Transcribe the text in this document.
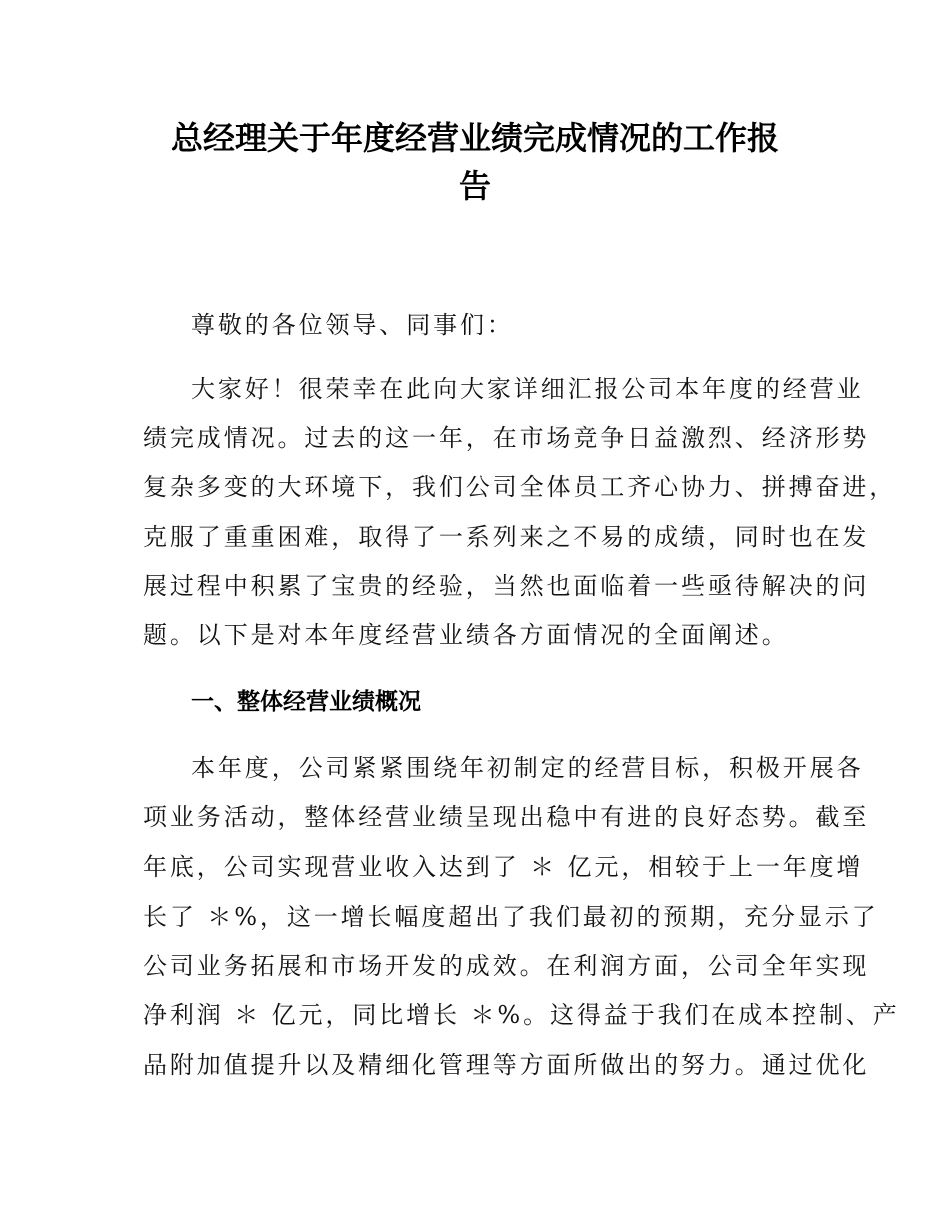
总经理关于年度经营业绩完成情况的工作报
告
尊敬的各位领导、同事们：
大家好！很荣幸在此向大家详细汇报公司本年度的经营业
绩完成情况。过去的这一年，在市场竞争日益激烈、经济形势
复杂多变的大环境下，我们公司全体员工齐心协力、拼搏奋进，
克服了重重困难，取得了一系列来之不易的成绩，同时也在发
展过程中积累了宝贵的经验，当然也面临着一些亟待解决的问
题。以下是对本年度经营业绩各方面情况的全面阐述。
一、整体经营业绩概况
本年度，公司紧紧围绕年初制定的经营目标，积极开展各
项业务活动，整体经营业绩呈现出稳中有进的良好态势。截至
年底，公司实现营业收入达到了 ＊ 亿元，相较于上一年度增
长了 ＊%，这一增长幅度超出了我们最初的预期，充分显示了
公司业务拓展和市场开发的成效。在利润方面，公司全年实现
净利润 ＊ 亿元，同比增长 ＊%。这得益于我们在成本控制、产
品附加值提升以及精细化管理等方面所做出的努力。通过优化
